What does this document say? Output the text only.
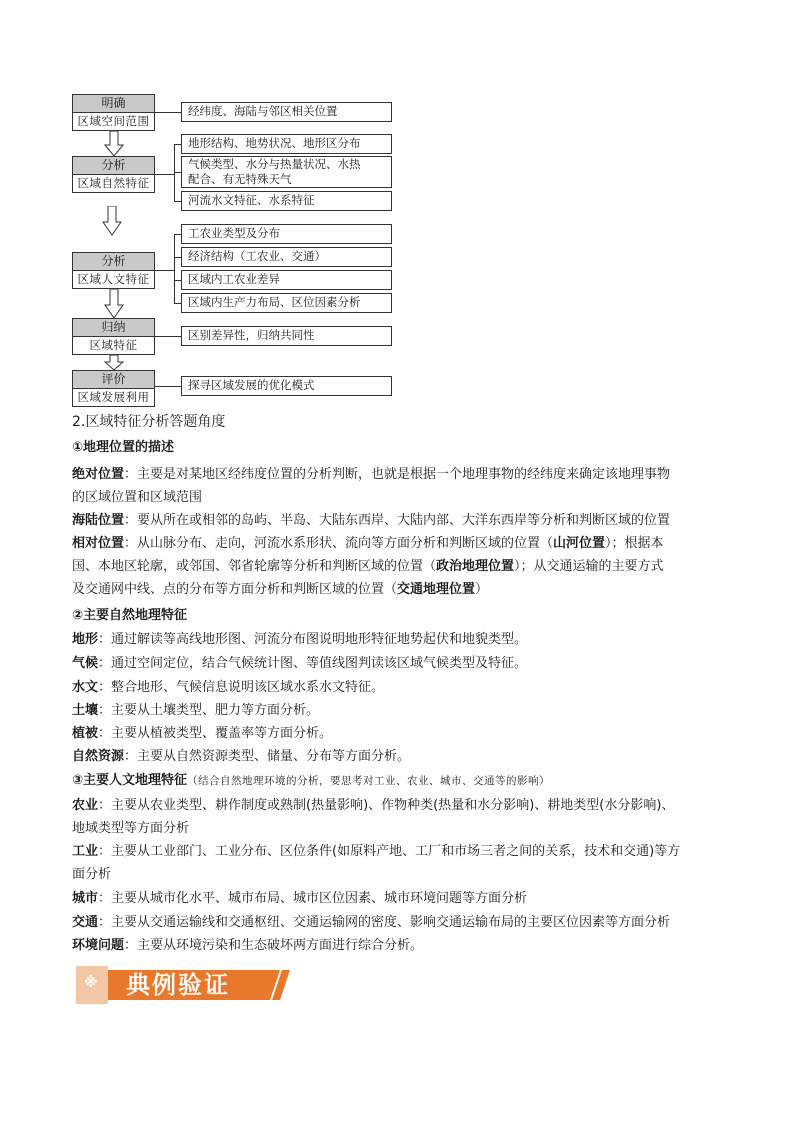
明确
区域空间范围
分析
区域自然特征
分析
区域人文特征
归纳
区域特征
评价
区域发展利用
经纬度、海陆与邻区相关位置
地形结构、地势状况、地形区分布
气候类型、水分与热量状况、水热
配合、有无特殊天气
河流水文特征、水系特征
工农业类型及分布
经济结构（工农业、交通）
区域内工农业差异
区域内生产力布局、区位因素分析
区别差异性，归纳共同性
探寻区域发展的优化模式
2.区域特征分析答题角度
①地理位置的描述
绝对位置：主要是对某地区经纬度位置的分析判断，也就是根据一个地理事物的经纬度来确定该地理事物
的区域位置和区域范围
海陆位置：要从所在或相邻的岛屿、半岛、大陆东西岸、大陆内部、大洋东西岸等分析和判断区域的位置
相对位置：从山脉分布、走向，河流水系形状、流向等方面分析和判断区域的位置（山河位置）；根据本
国、本地区轮廓，或邻国、邻省轮廓等分析和判断区域的位置（政治地理位置）；从交通运输的主要方式
及交通网中线、点的分布等方面分析和判断区域的位置（交通地理位置）
②主要自然地理特征
地形：通过解读等高线地形图、河流分布图说明地形特征地势起伏和地貌类型。
气候：通过空间定位，结合气候统计图、等值线图判读该区域气候类型及特征。
水文：整合地形、气候信息说明该区域水系水文特征。
土壤：主要从土壤类型、肥力等方面分析。
植被：主要从植被类型、覆盖率等方面分析。
自然资源：主要从自然资源类型、储量、分布等方面分析。
③主要人文地理特征（结合自然地理环境的分析，要思考对工业、农业、城市、交通等的影响）
农业：主要从农业类型、耕作制度或熟制(热量影响)、作物种类(热量和水分影响)、耕地类型(水分影响)、
地域类型等方面分析
工业：主要从工业部门、工业分布、区位条件(如原料产地、工厂和市场三者之间的关系，技术和交通)等方
面分析
城市：主要从城市化水平、城市布局、城市区位因素、城市环境问题等方面分析
交通：主要从交通运输线和交通枢纽、交通运输网的密度、影响交通运输布局的主要区位因素等方面分析
环境问题：主要从环境污染和生态破坏两方面进行综合分析。
※ 典例验证
